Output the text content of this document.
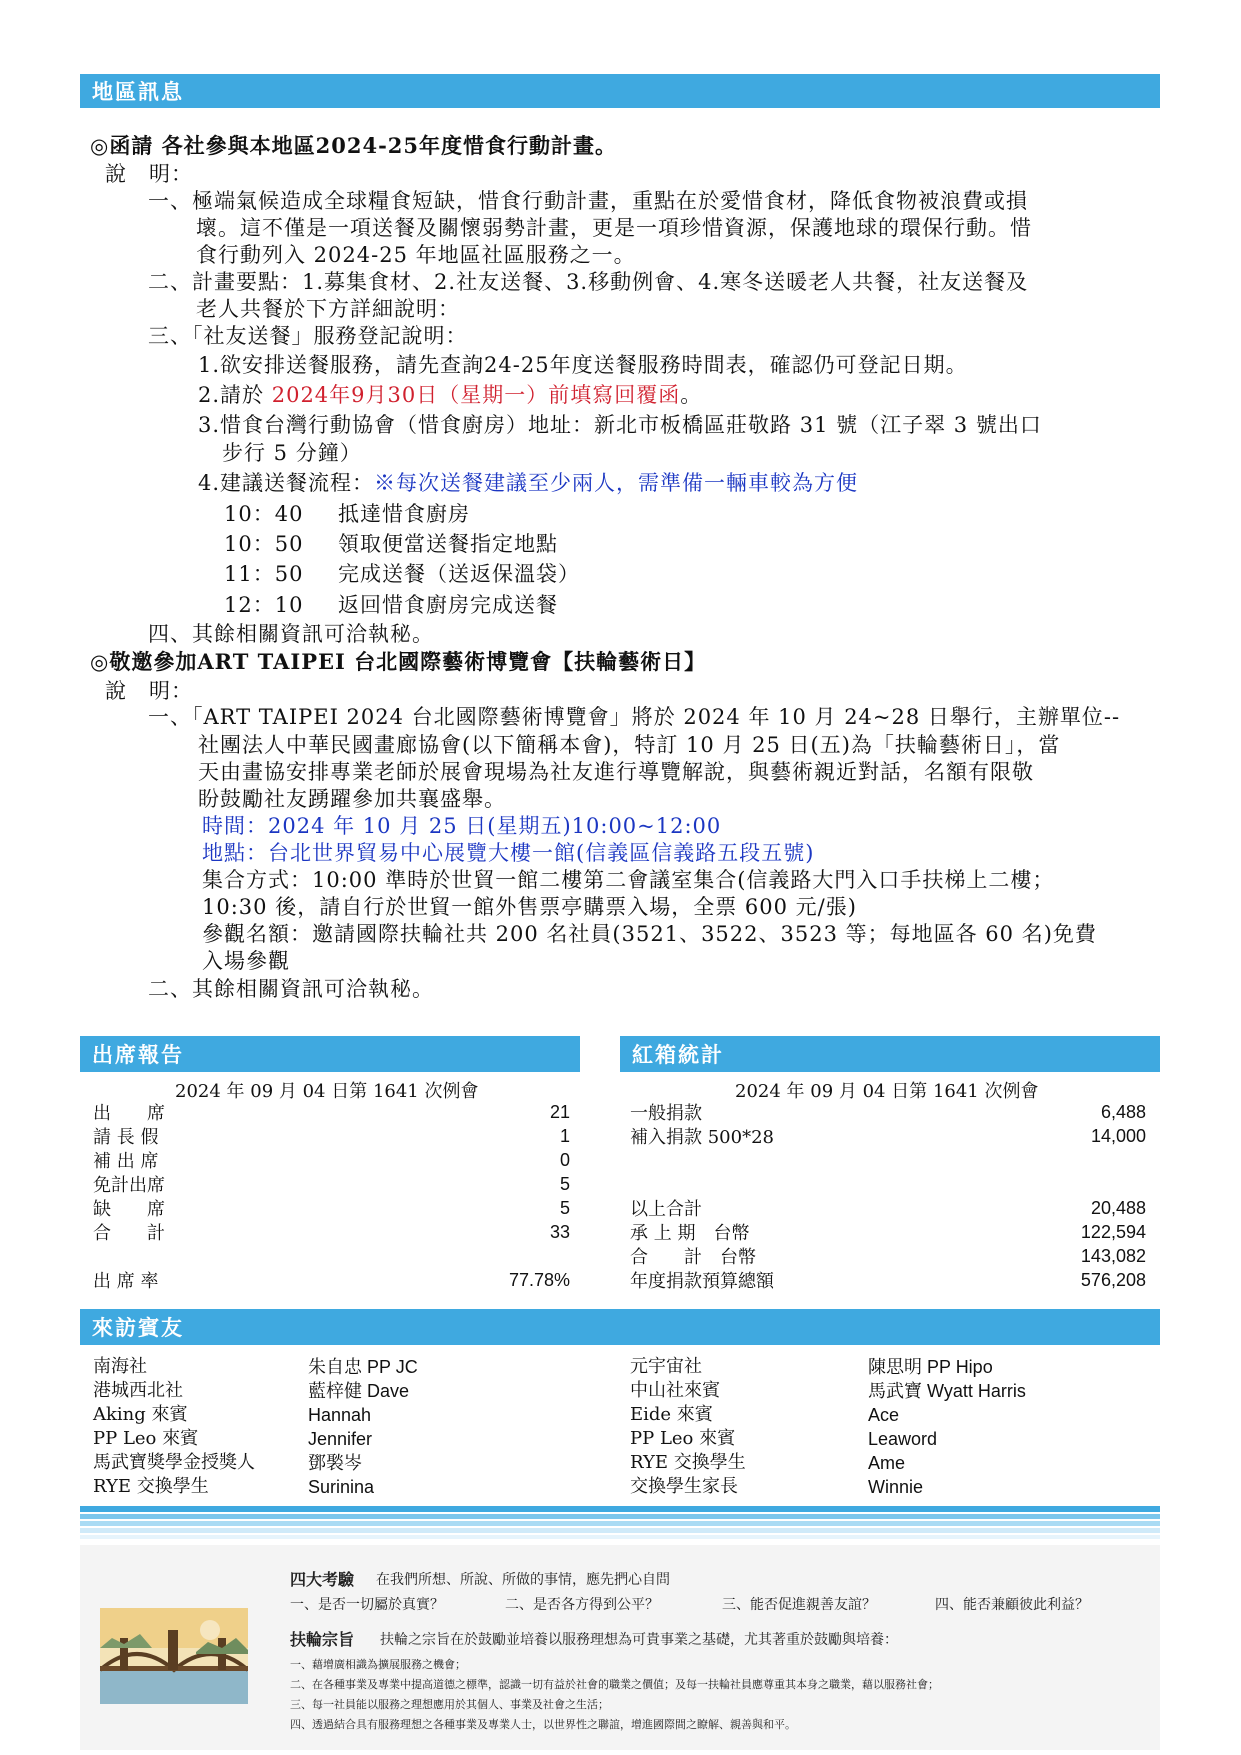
地區訊息
◎函請 各社參與本地區2024-25年度惜食行動計畫。
說　明：
一、極端氣候造成全球糧食短缺，惜食行動計畫，重點在於愛惜食材，降低食物被浪費或損
壞。這不僅是一項送餐及關懷弱勢計畫，更是一項珍惜資源，保護地球的環保行動。惜
食行動列入 2024-25 年地區社區服務之一。
二、計畫要點：1.募集食材、2.社友送餐、3.移動例會、4.寒冬送暖老人共餐，社友送餐及
老人共餐於下方詳細說明：
三、「社友送餐」服務登記說明：
1.欲安排送餐服務，請先查詢24-25年度送餐服務時間表，確認仍可登記日期。
2.請於 2024年9月30日（星期一）前填寫回覆函。
3.惜食台灣行動協會（惜食廚房）地址：新北市板橋區莊敬路 31 號（江子翠 3 號出口
步行 5 分鐘）
4.建議送餐流程：※每次送餐建議至少兩人，需準備一輛車較為方便
10：40 抵達惜食廚房
10：50 領取便當送餐指定地點
11：50 完成送餐（送返保溫袋）
12：10 返回惜食廚房完成送餐
四、其餘相關資訊可洽執秘。
◎敬邀參加ART TAIPEI 台北國際藝術博覽會【扶輪藝術日】
說　明：
一、「ART TAIPEI 2024 台北國際藝術博覽會」將於 2024 年 10 月 24~28 日舉行，主辦單位--
社團法人中華民國畫廊協會(以下簡稱本會)，特訂 10 月 25 日(五)為「扶輪藝術日」，當
天由畫協安排專業老師於展會現場為社友進行導覽解說，與藝術親近對話，名額有限敬
盼鼓勵社友踴躍參加共襄盛舉。
時間：2024 年 10 月 25 日(星期五)10:00~12:00
地點：台北世界貿易中心展覽大樓一館(信義區信義路五段五號)
集合方式：10:00 準時於世貿一館二樓第二會議室集合(信義路大門入口手扶梯上二樓；
10:30 後，請自行於世貿一館外售票亭購票入場，全票 600 元/張)
參觀名額：邀請國際扶輪社共 200 名社員(3521、3522、3523 等；每地區各 60 名)免費
入場參觀
二、其餘相關資訊可洽執秘。
出席報告
2024 年 09 月 04 日第 1641 次例會
出　　席	21
請 長 假	1
補 出 席	0
免計出席	5
缺　　席	5
合　　計	33
出 席 率	77.78%
紅箱統計
2024 年 09 月 04 日第 1641 次例會
一般捐款	6,488
補入捐款 500*28	14,000
以上合計	20,488
承 上 期　台幣	122,594
合　　計　台幣	143,082
年度捐款預算總額	576,208
來訪賓友
南海社	朱自忠 PP JC
港城西北社	藍梓健 Dave
Aking 來賓	Hannah
PP Leo 來賓	Jennifer
馬武寶獎學金授獎人	鄧褧岑
RYE 交換學生	Surinina
元宇宙社	陳思明 PP Hipo
中山社來賓	馬武寶 Wyatt Harris
Eide 來賓	Ace
PP Leo 來賓	Leaword
RYE 交換學生	Ame
交換學生家長	Winnie
四大考驗 在我們所想、所說、所做的事情，應先捫心自問
一、是否一切屬於真實？	二、是否各方得到公平？	三、能否促進親善友誼？	四、能否兼顧彼此利益？
扶輪宗旨 扶輪之宗旨在於鼓勵並培養以服務理想為可貴事業之基礎，尤其著重於鼓勵與培養：
一、藉增廣相識為擴展服務之機會；
二、在各種事業及專業中提高道德之標準，認識一切有益於社會的職業之價值；及每一扶輪社員應尊重其本身之職業，藉以服務社會；
三、每一社員能以服務之理想應用於其個人、事業及社會之生活；
四、透過結合具有服務理想之各種事業及專業人士，以世界性之聯誼，增進國際間之瞭解、親善與和平。
